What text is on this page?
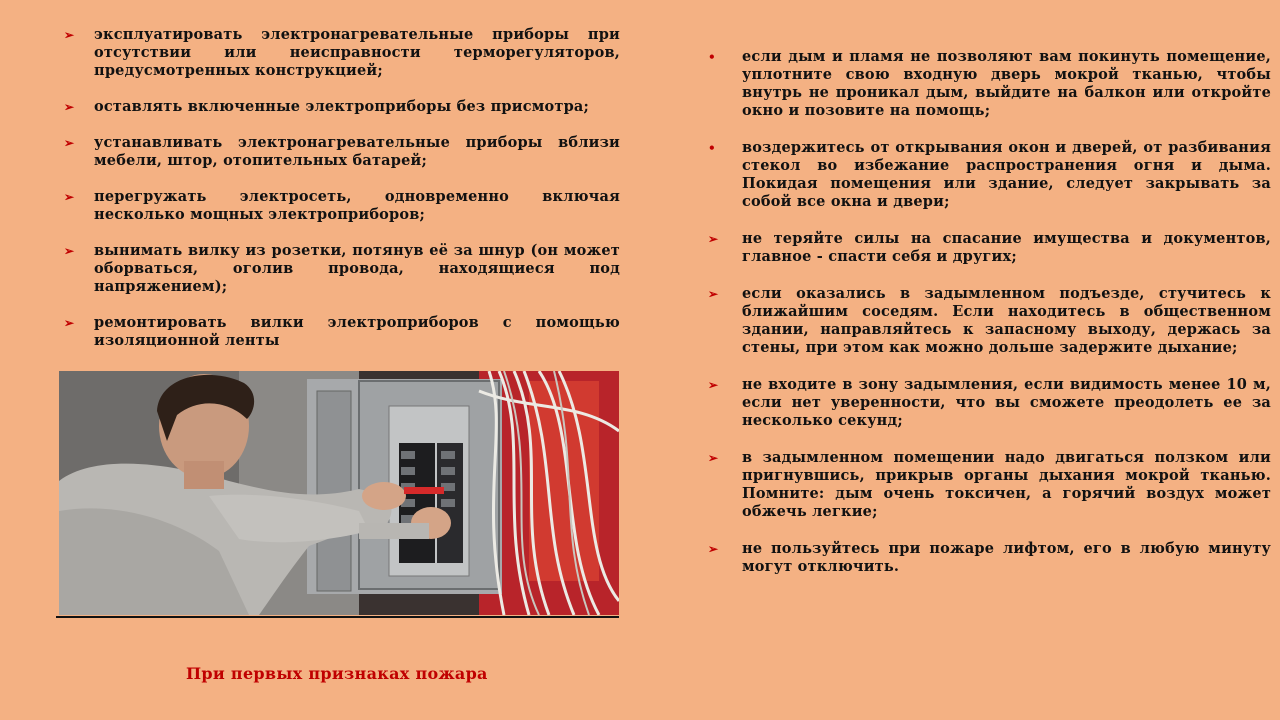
➢ эксплуатировать электронагревательные приборы при отсутствии или неисправности терморегуляторов, предусмотренных конструкцией;
➢ оставлять включенные электроприборы без присмотра;
➢ устанавливать электронагревательные приборы вблизи мебели, штор, отопительных батарей;
➢ перегружать электросеть, одновременно включая несколько мощных электроприборов;
➢ вынимать вилку из розетки, потянув её за шнур (он может оборваться, оголив провода, находящиеся под напряжением);
➢ ремонтировать вилки электроприборов с помощью изоляционной ленты
При первых признаках пожара
• если дым и пламя не позволяют вам покинуть помещение, уплотните свою входную дверь мокрой тканью, чтобы внутрь не проникал дым, выйдите на балкон или откройте окно и позовите на помощь;
• воздержитесь от открывания окон и дверей, от разбивания стекол во избежание распространения огня и дыма. Покидая помещения или здание, следует закрывать за собой все окна и двери;
➢ не теряйте силы на спасание имущества и документов, главное - спасти себя и других;
➢ если оказались в задымленном подъезде, стучитесь к ближайшим соседям. Если находитесь в общественном здании, направляйтесь к запасному выходу, держась за стены, при этом как можно дольше задержите дыхание;
➢ не входите в зону задымления, если видимость менее 10 м, если нет уверенности, что вы сможете преодолеть ее за несколько секунд;
➢ в задымленном помещении надо двигаться ползком или пригнувшись, прикрыв органы дыхания мокрой тканью. Помните: дым очень токсичен, а горячий воздух может обжечь легкие;
➢ не пользуйтесь при пожаре лифтом, его в любую минуту могут отключить.
